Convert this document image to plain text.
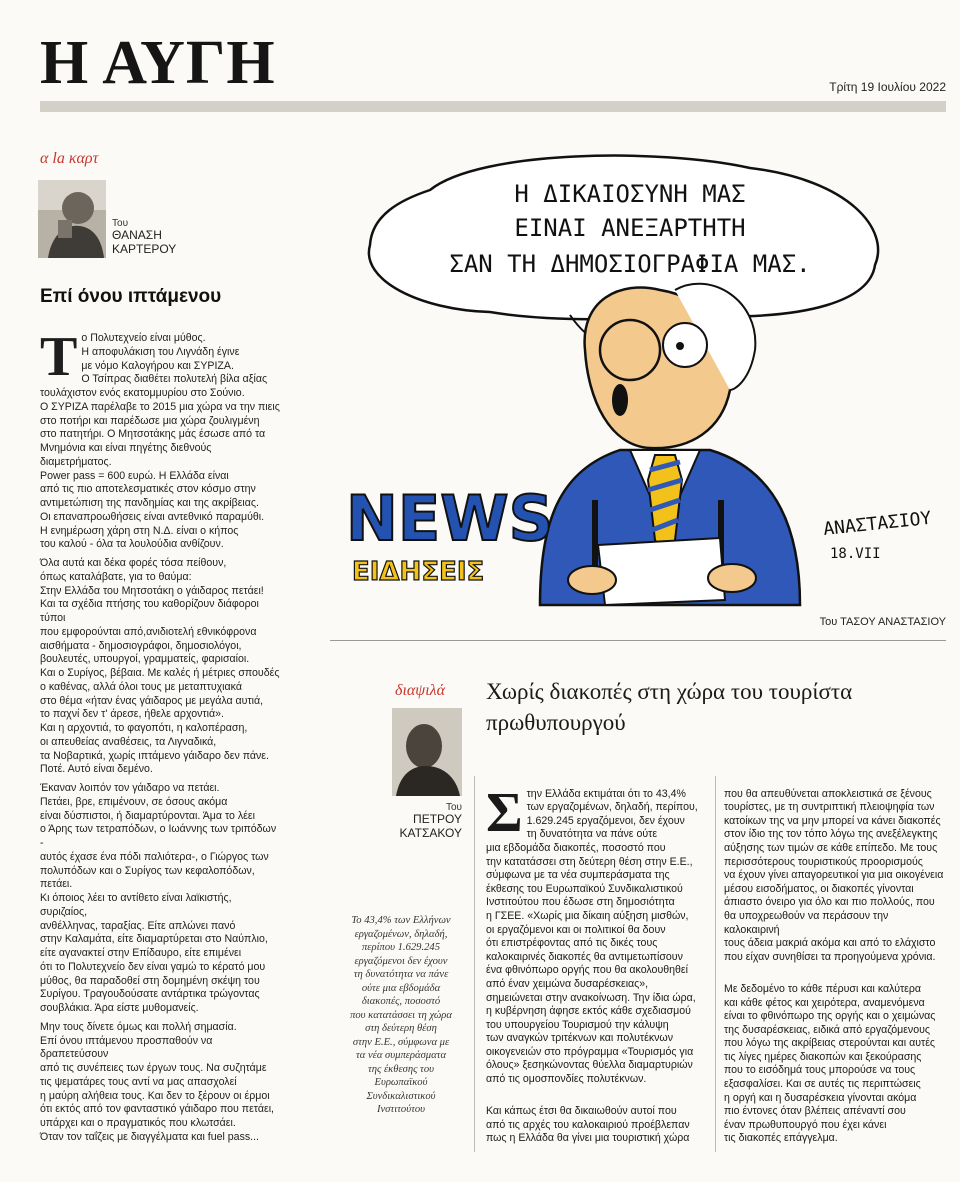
Η ΑΥΓΗ	Τρίτη 19 Ιουλίου 2022
α la καρτ
Του
ΘΑΝΑΣΗ ΚΑΡΤΕΡΟΥ
Επί όνου ιπτάμενου

Το Πολυτεχνείο είναι μύθος.
Η αποφυλάκιση του Λιγνάδη έγινε
με νόμο Καλογήρου και ΣΥΡΙΖΑ.
Ο Τσίπρας διαθέτει πολυτελή βίλα αξίας
τουλάχιστον ενός εκατομμυρίου στο Σούνιο.
Ο ΣΥΡΙΖΑ παρέλαβε το 2015 μια χώρα να την πιεις
στο ποτήρι και παρέδωσε μια χώρα ζουλιγμένη
στο πατητήρι. Ο Μητσοτάκης μάς έσωσε από τα
Μνημόνια και είναι πηγέτης διεθνούς διαμετρήματος.
Power pass = 600 ευρώ. Η Ελλάδα είναι
από τις πιο αποτελεσματικές στον κόσμο στην
αντιμετώπιση της πανδημίας και της ακρίβειας.
Οι επαναπροωθήσεις είναι αντεθνικό παραμύθι.
Η ενημέρωση χάρη στη Ν.Δ. είναι ο κήπος
του καλού - όλα τα λουλούδια ανθίζουν.

Όλα αυτά και δέκα φορές τόσα πείθουν,
όπως καταλάβατε, για το θαύμα:
Στην Ελλάδα του Μητσοτάκη ο γάιδαρος πετάει!
Και τα σχέδια πτήσης του καθορίζουν διάφοροι τύποι
που εμφορούνται από,ανιδιοτελή εθνικόφρονα
αισθήματα - δημοσιογράφοι, δημοσιολόγοι,
βουλευτές, υπουργοί, γραμματείς, φαρισαίοι.
Και ο Συρίγος, βέβαια. Με καλές ή μέτριες σπουδές
ο καθένας, αλλά όλοι τους με μεταπτυχιακά
στο θέμα «ήταν ένας γάιδαρος με μεγάλα αυτιά,
το παχνί δεν τ' άρεσε, ήθελε αρχοντιά».
Και η αρχοντιά, το φαγοπότι, η καλοπέραση,
οι απευθείας αναθέσεις, τα Λιγναδικά,
τα Νοβαρτικά, χωρίς ιπτάμενο γάιδαρο δεν πάνε.
Ποτέ. Αυτό είναι δεμένο.

Έκαναν λοιπόν τον γάιδαρο να πετάει.
Πετάει, βρε, επιμένουν, σε όσους ακόμα
είναι δύσπιστοι, ή διαμαρτύρονται. Άμα το λέει
ο Άρης των τετραπόδων, ο Ιωάννης των τριπόδων -
αυτός έχασε ένα πόδι παλιότερα-, ο Γιώργος των
πολυπόδων και ο Συρίγος των κεφαλοπόδων, πετάει.
Κι όποιος λέει το αντίθετο είναι λαϊκιστής, συριζαίος,
ανθέλληνας, ταραξίας. Είτε απλώνει πανό
στην Καλαμάτα, είτε διαμαρτύρεται στο Ναύπλιο,
είτε αγανακτεί στην Επίδαυρο, είτε επιμένει
ότι το Πολυτεχνείο δεν είναι γαμώ το κέρατό μου
μύθος, θα παραδοθεί στη δομημένη σκέψη του
Συρίγου. Τραγουδούσατε αντάρτικα τρώγοντας
σουβλάκια. Άρα είστε μυθομανείς.

Μην τους δίνετε όμως και πολλή σημασία.
Επί όνου ιπτάμενου προσπαθούν να δραπετεύσουν
από τις συνέπειες των έργων τους. Να συζητάμε
τις ψεματάρες τους αντί να μας απασχολεί
η μαύρη αλήθεια τους. Και δεν το ξέρουν οι έρμοι
ότι εκτός από τον φανταστικό γάιδαρο που πετάει,
υπάρχει και ο πραγματικός που κλωτσάει.
Όταν τον ταΐζεις με διαγγέλματα και fuel pass...

Η ΔΙΚΑΙΟΣΥΝΗ ΜΑΣ
ΕΙΝΑΙ ΑΝΕΞΑΡΤΗΤΗ
ΣΑΝ ΤΗ ΔΗΜΟΣΙΟΓΡΑΦΙΑ ΜΑΣ.
NEWS
ΕΙΔΗΣΕΙΣ
ΑΝΑΣΤΑΣΙΟΥ
18.VII
Του ΤΑΣΟΥ ΑΝΑΣΤΑΣΙΟΥ
διαψιλά
Του
ΠΕΤΡΟΥ ΚΑΤΣΑΚΟΥ
Χωρίς διακοπές στη χώρα του τουρίστα πρωθυπουργού
Το 43,4% των Ελλήνων
εργαζομένων, δηλαδή,
περίπου 1.629.245
εργαζόμενοι δεν έχουν
τη δυνατότητα να πάνε
ούτε μια εβδομάδα
διακοπές, ποσοστό
που κατατάσσει τη χώρα
στη δεύτερη θέση
στην Ε.Ε., σύμφωνα με
τα νέα συμπεράσματα
της έκθεσης του
Ευρωπαϊκού
Συνδικαλιστικού
Ινστιτούτου

Στην Ελλάδα εκτιμάται ότι το 43,4%
των εργαζομένων, δηλαδή, περίπου,
1.629.245 εργαζόμενοι, δεν έχουν
τη δυνατότητα να πάνε ούτε
μια εβδομάδα διακοπές, ποσοστό που
την κατατάσσει στη δεύτερη θέση στην Ε.Ε.,
σύμφωνα με τα νέα συμπεράσματα της
έκθεσης του Ευρωπαϊκού Συνδικαλιστικού
Ινστιτούτου που έδωσε στη δημοσιότητα
η ΓΣΕΕ. «Χωρίς μια δίκαιη αύξηση μισθών,
οι εργαζόμενοι και οι πολιτικοί θα δουν
ότι επιστρέφοντας από τις δικές τους
καλοκαιρινές διακοπές θα αντιμετωπίσουν
ένα φθινόπωρο οργής που θα ακολουθηθεί
από έναν χειμώνα δυσαρέσκειας»,
σημειώνεται στην ανακοίνωση. Την ίδια ώρα,
η κυβέρνηση άφησε εκτός κάθε σχεδιασμού
του υπουργείου Τουρισμού την κάλυψη
των αναγκών τριτέκνων και πολυτέκνων
οικογενειών στο πρόγραμμα «Τουρισμός για
όλους» ξεσηκώνοντας θύελλα διαμαρτυριών
από τις ομοσπονδίες πολυτέκνων.

Και κάπως έτσι θα δικαιωθούν αυτοί που
από τις αρχές του καλοκαιριού προέβλεπαν
πως η Ελλάδα θα γίνει μια τουριστική χώρα

που θα απευθύνεται αποκλειστικά σε ξένους
τουρίστες, με τη συντριπτική πλειοψηφία των
κατοίκων της να μην μπορεί να κάνει διακοπές
στον ίδιο της τον τόπο λόγω της ανεξέλεγκτης
αύξησης των τιμών σε κάθε επίπεδο. Με τους
περισσότερους τουριστικούς προορισμούς
να έχουν γίνει απαγορευτικοί για μια οικογένεια
μέσου εισοδήματος, οι διακοπές γίνονται
άπιαστο όνειρο για όλο και πιο πολλούς, που
θα υποχρεωθούν να περάσουν την καλοκαιρινή
τους άδεια μακριά ακόμα και από το ελάχιστο
που είχαν συνηθίσει τα προηγούμενα χρόνια.

Με δεδομένο το κάθε πέρυσι και καλύτερα
και κάθε φέτος και χειρότερα, αναμενόμενα
είναι το φθινόπωρο της οργής και ο χειμώνας
της δυσαρέσκειας, ειδικά από εργαζόμενους
που λόγω της ακρίβειας στερούνται και αυτές
τις λίγες ημέρες διακοπών και ξεκούρασης
που το εισόδημά τους μπορούσε να τους
εξασφαλίσει. Και σε αυτές τις περιπτώσεις
η οργή και η δυσαρέσκεια γίνονται ακόμα
πιο έντονες όταν βλέπεις απέναντί σου
έναν πρωθυπουργό που έχει κάνει
τις διακοπές επάγγελμα.
